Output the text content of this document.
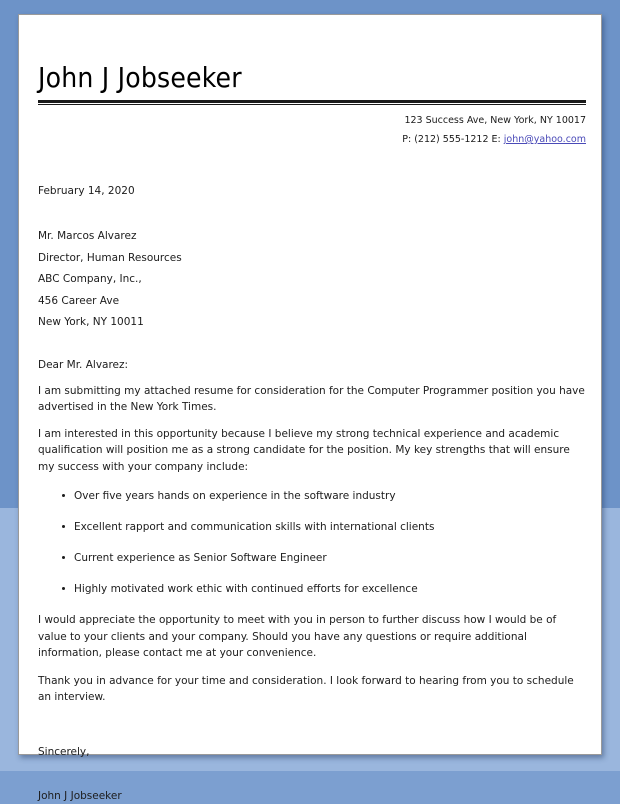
John J Jobseeker
123 Success Ave, New York, NY 10017
P: (212) 555-1212 E: john@yahoo.com
February 14, 2020
Mr. Marcos Alvarez
Director, Human Resources
ABC Company, Inc.,
456 Career Ave
New York, NY 10011
Dear Mr. Alvarez:
I am submitting my attached resume for consideration for the Computer Programmer position you have advertised in the New York Times.
I am interested in this opportunity because I believe my strong technical experience and academic qualification will position me as a strong candidate for the position. My key strengths that will ensure my success with your company include:
Over five years hands on experience in the software industry
Excellent rapport and communication skills with international clients
Current experience as Senior Software Engineer
Highly motivated work ethic with continued efforts for excellence
I would appreciate the opportunity to meet with you in person to further discuss how I would be of value to your clients and your company. Should you have any questions or require additional information, please contact me at your convenience.
Thank you in advance for your time and consideration. I look forward to hearing from you to schedule an interview.
Sincerely,
John J Jobseeker
